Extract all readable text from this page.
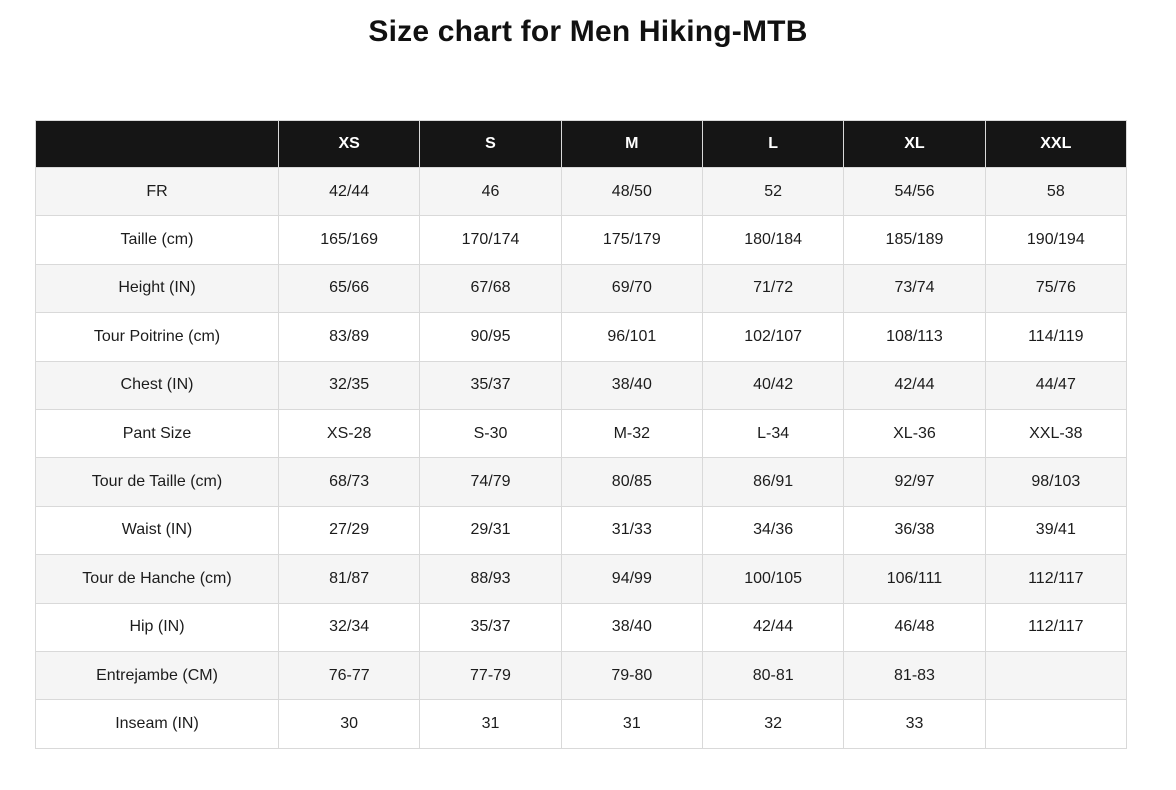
Size chart for Men Hiking-MTB
	XS	S	M	L	XL	XXL
FR	42/44	46	48/50	52	54/56	58
Taille (cm)	165/169	170/174	175/179	180/184	185/189	190/194
Height (IN)	65/66	67/68	69/70	71/72	73/74	75/76
Tour Poitrine (cm)	83/89	90/95	96/101	102/107	108/113	114/119
Chest (IN)	32/35	35/37	38/40	40/42	42/44	44/47
Pant Size	XS-28	S-30	M-32	L-34	XL-36	XXL-38
Tour de Taille (cm)	68/73	74/79	80/85	86/91	92/97	98/103
Waist (IN)	27/29	29/31	31/33	34/36	36/38	39/41
Tour de Hanche (cm)	81/87	88/93	94/99	100/105	106/111	112/117
Hip (IN)	32/34	35/37	38/40	42/44	46/48	112/117
Entrejambe (CM)	76-77	77-79	79-80	80-81	81-83	
Inseam (IN)	30	31	31	32	33	
